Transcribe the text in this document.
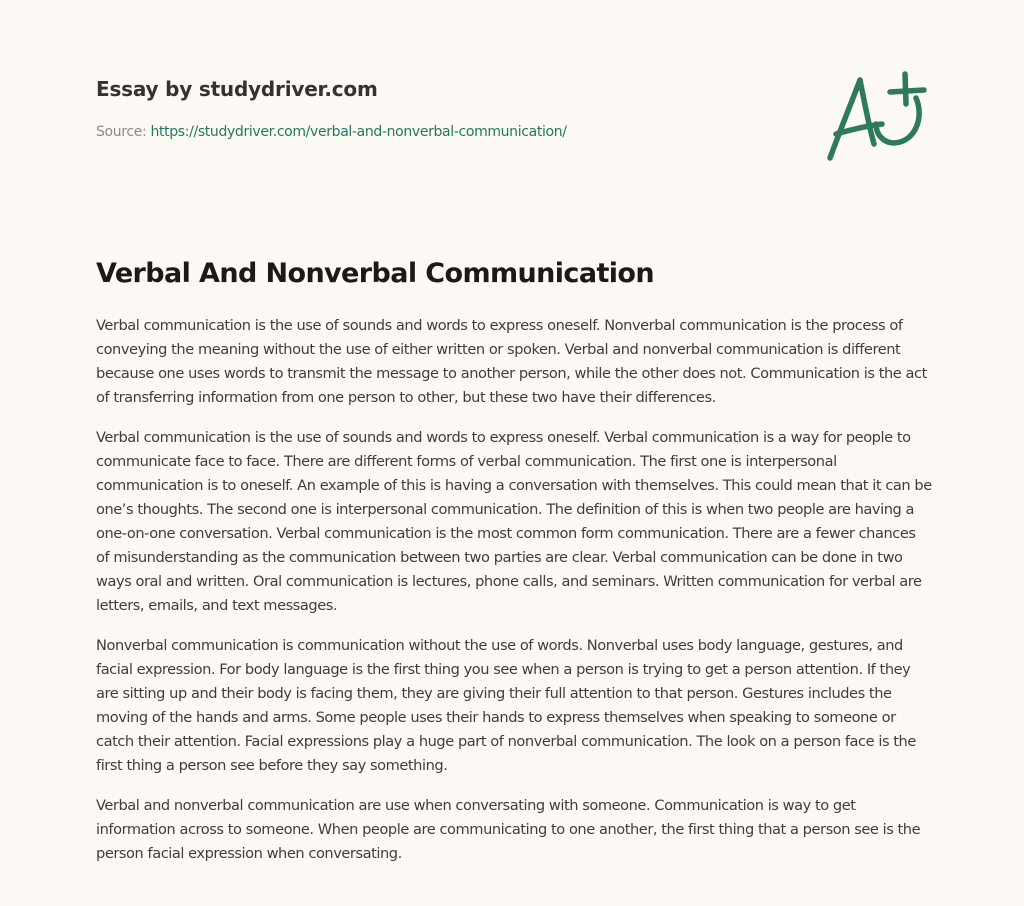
Essay by studydriver.com
Source: https://studydriver.com/verbal-and-nonverbal-communication/
Verbal And Nonverbal Communication

Verbal communication is the use of sounds and words to express oneself. Nonverbal communication is the process of conveying the meaning without the use of either written or spoken. Verbal and nonverbal communication is different because one uses words to transmit the message to another person, while the other does not. Communication is the act of transferring information from one person to other, but these two have their differences.

Verbal communication is the use of sounds and words to express oneself. Verbal communication is a way for people to communicate face to face. There are different forms of verbal communication. The first one is interpersonal communication is to oneself. An example of this is having a conversation with themselves. This could mean that it can be one’s thoughts. The second one is interpersonal communication. The definition of this is when two people are having a one-on-one conversation. Verbal communication is the most common form communication. There are a fewer chances of misunderstanding as the communication between two parties are clear. Verbal communication can be done in two ways oral and written. Oral communication is lectures, phone calls, and seminars. Written communication for verbal are letters, emails, and text messages.

Nonverbal communication is communication without the use of words. Nonverbal uses body language, gestures, and facial expression. For body language is the first thing you see when a person is trying to get a person attention. If they are sitting up and their body is facing them, they are giving their full attention to that person. Gestures includes the moving of the hands and arms. Some people uses their hands to express themselves when speaking to someone or catch their attention. Facial expressions play a huge part of nonverbal communication. The look on a person face is the first thing a person see before they say something.

Verbal and nonverbal communication are use when conversating with someone. Communication is way to get information across to someone. When people are communicating to one another, the first thing that a person see is the person facial expression when conversating.
